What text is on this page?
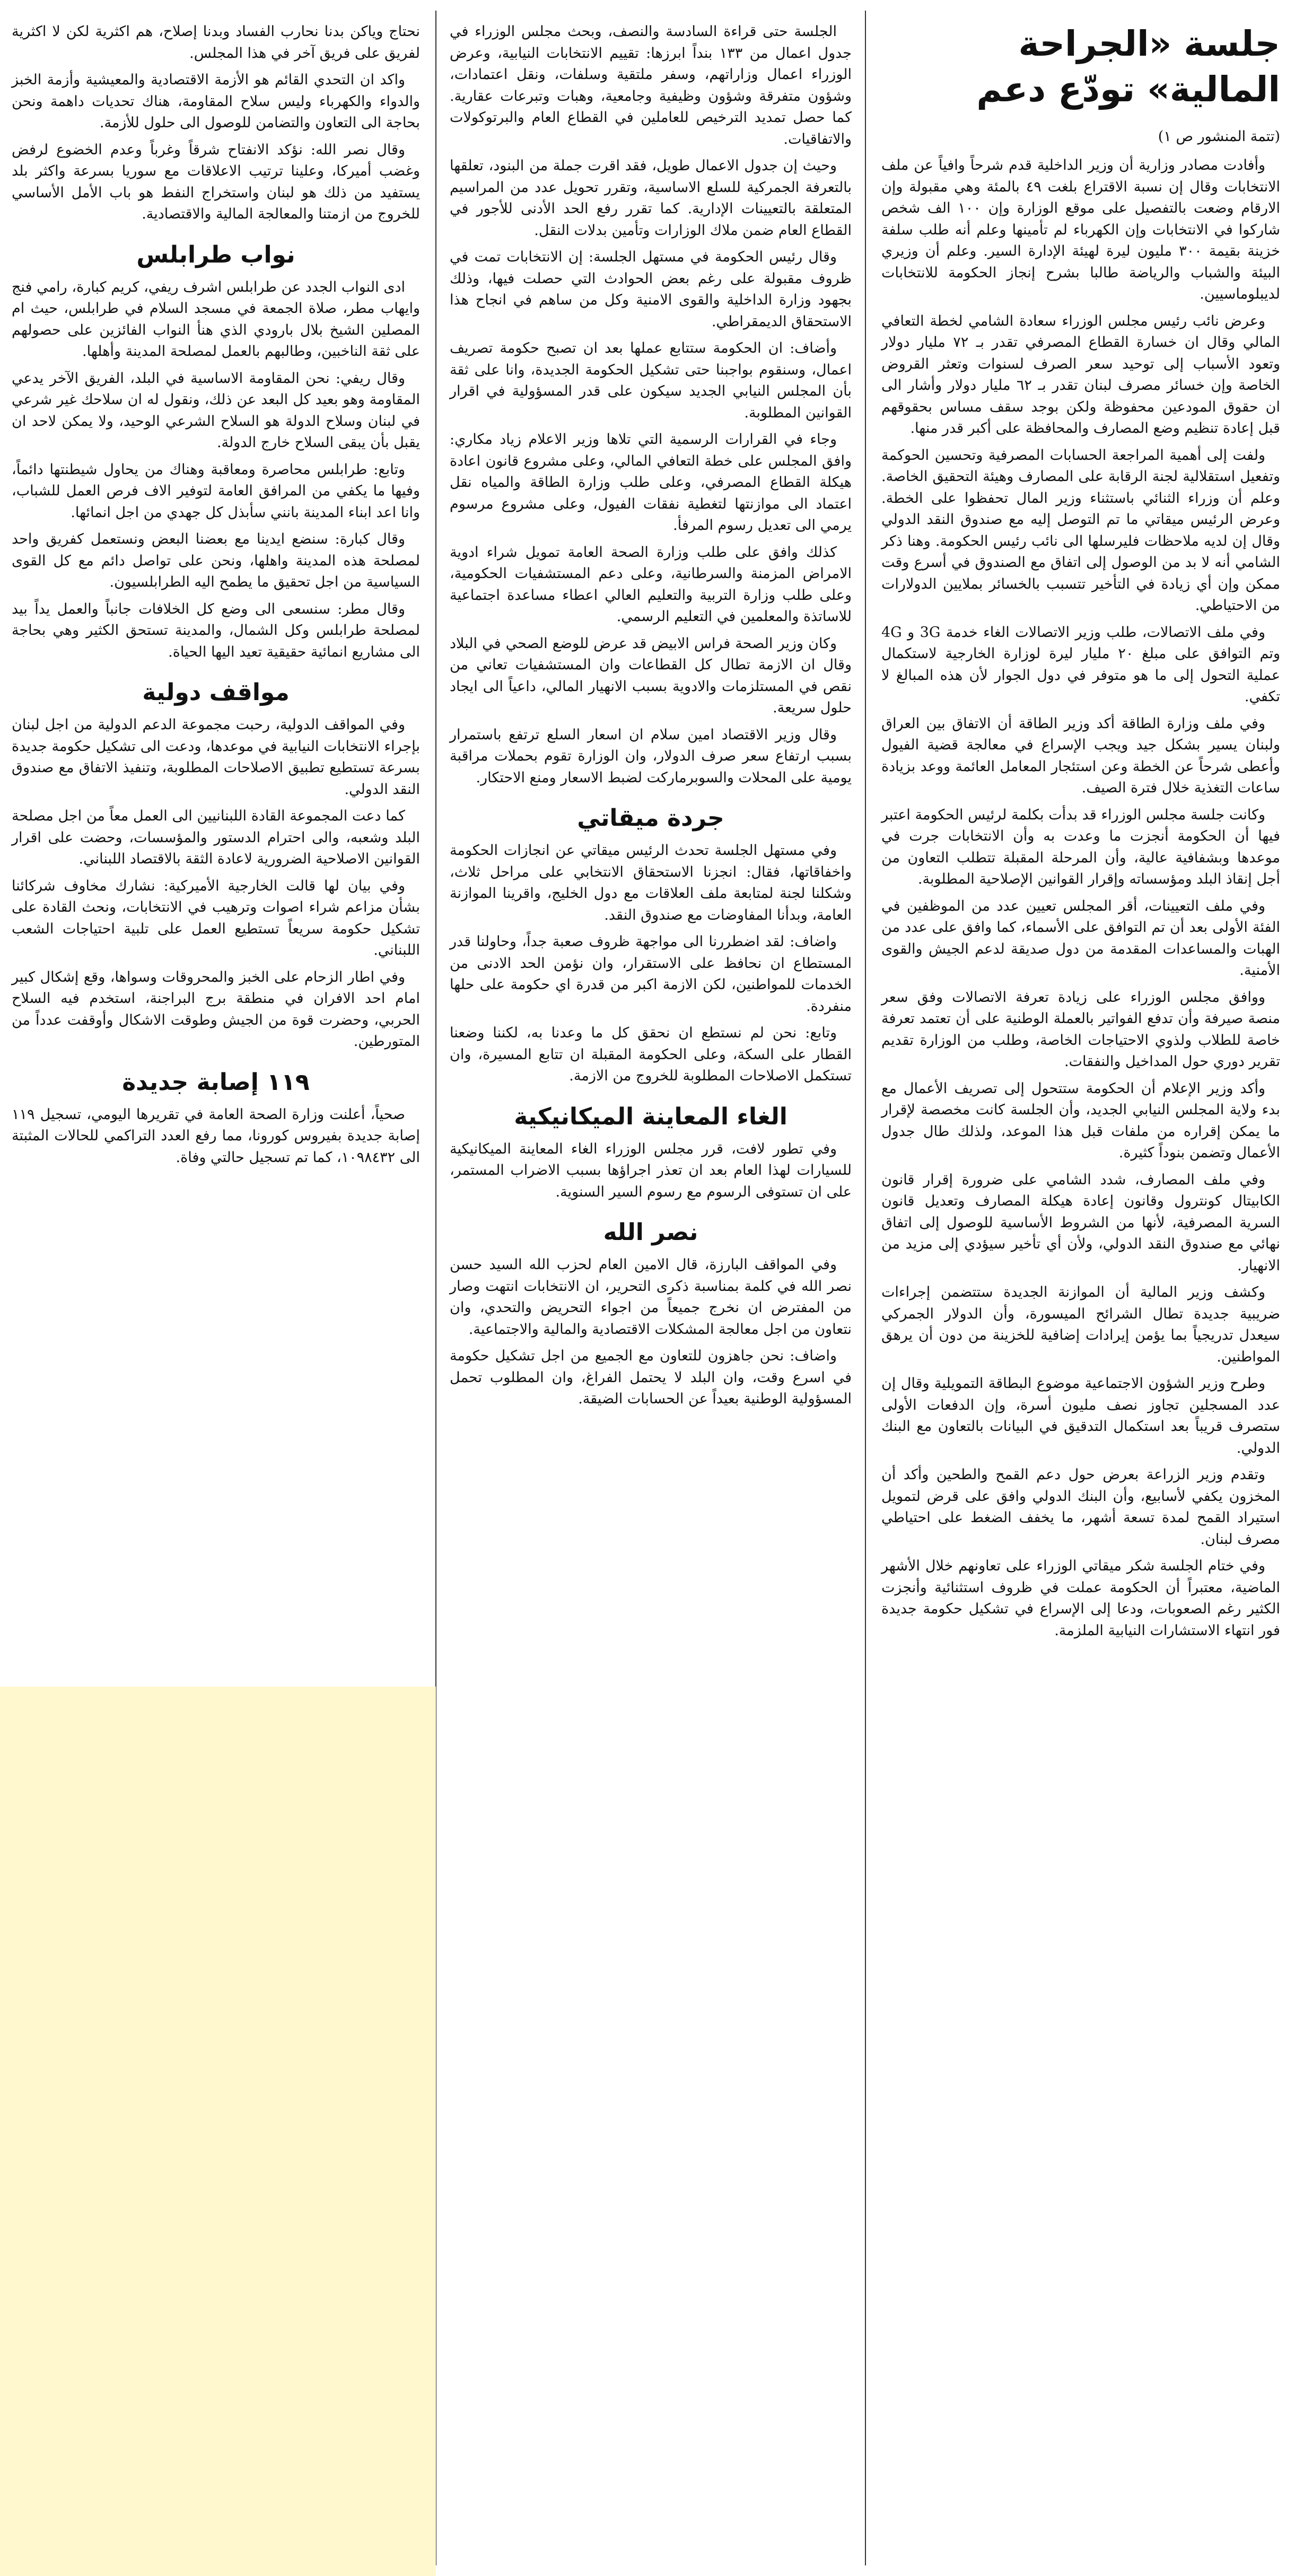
جلسة «الجراحة المالية» تودّع دعم

(تتمة المنشور ص ١)

وأفادت مصادر وزارية أن وزير الداخلية قدم شرحاً وافياً عن ملف الانتخابات وقال إن نسبة الاقتراع بلغت ٤٩ بالمئة وهي مقبولة وإن الارقام وضعت بالتفصيل على موقع الوزارة وإن ١٠٠ الف شخص شاركوا في الانتخابات وإن الكهرباء لم تأمينها وعلم أنه طلب سلفة خزينة بقيمة ٣٠٠ مليون ليرة لهيئة الإدارة السير. وعلم أن وزيري البيئة والشباب والرياضة طالبا بشرح إنجاز الحكومة للانتخابات لديبلوماسيين.

وعرض نائب رئيس مجلس الوزراء سعادة الشامي لخطة التعافي المالي وقال ان خسارة القطاع المصرفي تقدر بـ ٧٢ مليار دولار وتعود الأسباب إلى توحيد سعر الصرف لسنوات وتعثر القروض الخاصة وإن خسائر مصرف لبنان تقدر بـ ٦٢ مليار دولار وأشار الى ان حقوق المودعين محفوظة ولكن بوجد سقف مساس بحقوقهم قبل إعادة تنظيم وضع المصارف والمحافظة على أكبر قدر منها.

ولفت إلى أهمية المراجعة الحسابات المصرفية وتحسين الحوكمة وتفعيل استقلالية لجنة الرقابة على المصارف وهيئة التحقيق الخاصة. وعلم أن وزراء الثنائي باستثناء وزير المال تحفظوا على الخطة. وعرض الرئيس ميقاتي ما تم التوصل إليه مع صندوق النقد الدولي وقال إن لديه ملاحظات فليرسلها الى نائب رئيس الحكومة. وهنا ذكر الشامي أنه لا بد من الوصول إلى اتفاق مع الصندوق في أسرع وقت ممكن وإن أي زيادة في التأخير تتسبب بالخسائر بملايين الدولارات من الاحتياطي.

وفي ملف الاتصالات، طلب وزير الاتصالات الغاء خدمة 3G و 4G وتم التوافق على مبلغ ٢٠ مليار ليرة لوزارة الخارجية لاستكمال عملية التحول إلى ما هو متوفر في دول الجوار لأن هذه المبالغ لا تكفي.

وفي ملف وزارة الطاقة أكد وزير الطاقة أن الاتفاق بين العراق ولبنان يسير بشكل جيد ويجب الإسراع في معالجة قضية الفيول وأعطى شرحاً عن الخطة وعن استئجار المعامل العائمة ووعد بزيادة ساعات التغذية خلال فترة الصيف.

وكانت جلسة مجلس الوزراء قد بدأت بكلمة لرئيس الحكومة اعتبر فيها أن الحكومة أنجزت ما وعدت به وأن الانتخابات جرت في موعدها وبشفافية عالية، وأن المرحلة المقبلة تتطلب التعاون من أجل إنقاذ البلد ومؤسساته وإقرار القوانين الإصلاحية المطلوبة.

وفي ملف التعيينات، أقر المجلس تعيين عدد من الموظفين في الفئة الأولى بعد أن تم التوافق على الأسماء، كما وافق على عدد من الهبات والمساعدات المقدمة من دول صديقة لدعم الجيش والقوى الأمنية.

ووافق مجلس الوزراء على زيادة تعرفة الاتصالات وفق سعر منصة صيرفة وأن تدفع الفواتير بالعملة الوطنية على أن تعتمد تعرفة خاصة للطلاب ولذوي الاحتياجات الخاصة، وطلب من الوزارة تقديم تقرير دوري حول المداخيل والنفقات.

وأكد وزير الإعلام أن الحكومة ستتحول إلى تصريف الأعمال مع بدء ولاية المجلس النيابي الجديد، وأن الجلسة كانت مخصصة لإقرار ما يمكن إقراره من ملفات قبل هذا الموعد، ولذلك طال جدول الأعمال وتضمن بنوداً كثيرة.

وفي ملف المصارف، شدد الشامي على ضرورة إقرار قانون الكابيتال كونترول وقانون إعادة هيكلة المصارف وتعديل قانون السرية المصرفية، لأنها من الشروط الأساسية للوصول إلى اتفاق نهائي مع صندوق النقد الدولي، ولأن أي تأخير سيؤدي إلى مزيد من الانهيار.

وكشف وزير المالية أن الموازنة الجديدة ستتضمن إجراءات ضريبية جديدة تطال الشرائح الميسورة، وأن الدولار الجمركي سيعدل تدريجياً بما يؤمن إيرادات إضافية للخزينة من دون أن يرهق المواطنين.

وطرح وزير الشؤون الاجتماعية موضوع البطاقة التمويلية وقال إن عدد المسجلين تجاوز نصف مليون أسرة، وإن الدفعات الأولى ستصرف قريباً بعد استكمال التدقيق في البيانات بالتعاون مع البنك الدولي.

وتقدم وزير الزراعة بعرض حول دعم القمح والطحين وأكد أن المخزون يكفي لأسابيع، وأن البنك الدولي وافق على قرض لتمويل استيراد القمح لمدة تسعة أشهر، ما يخفف الضغط على احتياطي مصرف لبنان.

وفي ختام الجلسة شكر ميقاتي الوزراء على تعاونهم خلال الأشهر الماضية، معتبراً أن الحكومة عملت في ظروف استثنائية وأنجزت الكثير رغم الصعوبات، ودعا إلى الإسراع في تشكيل حكومة جديدة فور انتهاء الاستشارات النيابية الملزمة.

الجلسة حتى قراءة السادسة والنصف، وبحث مجلس الوزراء في جدول اعمال من ١٣٣ بنداً ابرزها: تقييم الانتخابات النيابية، وعرض الوزراء اعمال وزاراتهم، وسفر ملتقية وسلفات، ونقل اعتمادات، وشؤون متفرقة وشؤون وظيفية وجامعية، وهبات وتبرعات عقارية. كما حصل تمديد الترخيص للعاملين في القطاع العام والبرتوكولات والاتفاقيات.

وحيث إن جدول الاعمال طويل، فقد اقرت جملة من البنود، تعلقها بالتعرفة الجمركية للسلع الاساسية، وتقرر تحويل عدد من المراسيم المتعلقة بالتعيينات الإدارية. كما تقرر رفع الحد الأدنى للأجور في القطاع العام ضمن ملاك الوزارات وتأمين بدلات النقل.

وقال رئيس الحكومة في مستهل الجلسة: إن الانتخابات تمت في ظروف مقبولة على رغم بعض الحوادث التي حصلت فيها، وذلك بجهود وزارة الداخلية والقوى الامنية وكل من ساهم في انجاح هذا الاستحقاق الديمقراطي.

وأضاف: ان الحكومة ستتابع عملها بعد ان تصبح حكومة تصريف اعمال، وسنقوم بواجبنا حتى تشكيل الحكومة الجديدة، وانا على ثقة بأن المجلس النيابي الجديد سيكون على قدر المسؤولية في اقرار القوانين المطلوبة.

وجاء في القرارات الرسمية التي تلاها وزير الاعلام زياد مكاري: وافق المجلس على خطة التعافي المالي، وعلى مشروع قانون اعادة هيكلة القطاع المصرفي، وعلى طلب وزارة الطاقة والمياه نقل اعتماد الى موازنتها لتغطية نفقات الفيول، وعلى مشروع مرسوم يرمي الى تعديل رسوم المرفأ.

كذلك وافق على طلب وزارة الصحة العامة تمويل شراء ادوية الامراض المزمنة والسرطانية، وعلى دعم المستشفيات الحكومية، وعلى طلب وزارة التربية والتعليم العالي اعطاء مساعدة اجتماعية للاساتذة والمعلمين في التعليم الرسمي.

وكان وزير الصحة فراس الابيض قد عرض للوضع الصحي في البلاد وقال ان الازمة تطال كل القطاعات وان المستشفيات تعاني من نقص في المستلزمات والادوية بسبب الانهيار المالي، داعياً الى ايجاد حلول سريعة.

وقال وزير الاقتصاد امين سلام ان اسعار السلع ترتفع باستمرار بسبب ارتفاع سعر صرف الدولار، وان الوزارة تقوم بحملات مراقبة يومية على المحلات والسوبرماركت لضبط الاسعار ومنع الاحتكار.

جردة ميقاتي

وفي مستهل الجلسة تحدث الرئيس ميقاتي عن انجازات الحكومة واخفاقاتها، فقال: انجزنا الاستحقاق الانتخابي على مراحل ثلاث، وشكلنا لجنة لمتابعة ملف العلاقات مع دول الخليج، واقرينا الموازنة العامة، وبدأنا المفاوضات مع صندوق النقد.

واضاف: لقد اضطررنا الى مواجهة ظروف صعبة جداً، وحاولنا قدر المستطاع ان نحافظ على الاستقرار، وان نؤمن الحد الادنى من الخدمات للمواطنين، لكن الازمة اكبر من قدرة اي حكومة على حلها منفردة.

وتابع: نحن لم نستطع ان نحقق كل ما وعدنا به، لكننا وضعنا القطار على السكة، وعلى الحكومة المقبلة ان تتابع المسيرة، وان تستكمل الاصلاحات المطلوبة للخروج من الازمة.

الغاء المعاينة الميكانيكية

وفي تطور لافت، قرر مجلس الوزراء الغاء المعاينة الميكانيكية للسيارات لهذا العام بعد ان تعذر اجراؤها بسبب الاضراب المستمر، على ان تستوفى الرسوم مع رسوم السير السنوية.

نصر الله

وفي المواقف البارزة، قال الامين العام لحزب الله السيد حسن نصر الله في كلمة بمناسبة ذكرى التحرير، ان الانتخابات انتهت وصار من المفترض ان نخرج جميعاً من اجواء التحريض والتحدي، وان نتعاون من اجل معالجة المشكلات الاقتصادية والمالية والاجتماعية.

واضاف: نحن جاهزون للتعاون مع الجميع من اجل تشكيل حكومة في اسرع وقت، وان البلد لا يحتمل الفراغ، وان المطلوب تحمل المسؤولية الوطنية بعيداً عن الحسابات الضيقة.

نحتاج وياكن بدنا نحارب الفساد وبدنا إصلاح، هم اكثرية لكن لا اكثرية لفريق على فريق آخر في هذا المجلس.

واكد ان التحدي القائم هو الأزمة الاقتصادية والمعيشية وأزمة الخبز والدواء والكهرباء وليس سلاح المقاومة، هناك تحديات داهمة ونحن بحاجة الى التعاون والتضامن للوصول الى حلول للأزمة.

وقال نصر الله: نؤكد الانفتاح شرقاً وغرباً وعدم الخضوع لرفض وغضب أميركا، وعلينا ترتيب الاعلاقات مع سوريا بسرعة واكثر بلد يستفيد من ذلك هو لبنان واستخراج النفط هو باب الأمل الأساسي للخروج من ازمتنا والمعالجة المالية والاقتصادية.

نواب طرابلس

ادى النواب الجدد عن طرابلس اشرف ريفي، كريم كبارة، رامي فنج وايهاب مطر، صلاة الجمعة في مسجد السلام في طرابلس، حيث ام المصلين الشيخ بلال بارودي الذي هنأ النواب الفائزين على حصولهم على ثقة الناخبين، وطالبهم بالعمل لمصلحة المدينة وأهلها.

وقال ريفي: نحن المقاومة الاساسية في البلد، الفريق الآخر يدعي المقاومة وهو بعيد كل البعد عن ذلك، ونقول له ان سلاحك غير شرعي في لبنان وسلاح الدولة هو السلاح الشرعي الوحيد، ولا يمكن لاحد ان يقبل بأن يبقى السلاح خارج الدولة.

وتابع: طرابلس محاصرة ومعاقبة وهناك من يحاول شيطنتها دائماً، وفيها ما يكفي من المرافق العامة لتوفير الاف فرص العمل للشباب، وانا اعد ابناء المدينة بانني سأبذل كل جهدي من اجل انمائها.

وقال كبارة: سنضع ايدينا مع بعضنا البعض ونستعمل كفريق واحد لمصلحة هذه المدينة واهلها، ونحن على تواصل دائم مع كل القوى السياسية من اجل تحقيق ما يطمح اليه الطرابلسيون.

وقال مطر: سنسعى الى وضع كل الخلافات جانباً والعمل يداً بيد لمصلحة طرابلس وكل الشمال، والمدينة تستحق الكثير وهي بحاجة الى مشاريع انمائية حقيقية تعيد اليها الحياة.

مواقف دولية

وفي المواقف الدولية، رحبت مجموعة الدعم الدولية من اجل لبنان بإجراء الانتخابات النيابية في موعدها، ودعت الى تشكيل حكومة جديدة بسرعة تستطيع تطبيق الاصلاحات المطلوبة، وتنفيذ الاتفاق مع صندوق النقد الدولي.

كما دعت المجموعة القادة اللبنانيين الى العمل معاً من اجل مصلحة البلد وشعبه، والى احترام الدستور والمؤسسات، وحضت على اقرار القوانين الاصلاحية الضرورية لاعادة الثقة بالاقتصاد اللبناني.

وفي بيان لها قالت الخارجية الأميركية: نشارك مخاوف شركائنا بشأن مزاعم شراء اصوات وترهيب في الانتخابات، ونحث القادة على تشكيل حكومة سريعاً تستطيع العمل على تلبية احتياجات الشعب اللبناني.

وفي اطار الزحام على الخبز والمحروقات وسواها، وقع إشكال كبير امام احد الافران في منطقة برج البراجنة، استخدم فيه السلاح الحربي، وحضرت قوة من الجيش وطوقت الاشكال وأوقفت عدداً من المتورطين.

١١٩ إصابة جديدة

صحياً، أعلنت وزارة الصحة العامة في تقريرها اليومي، تسجيل ١١٩ إصابة جديدة بفيروس كورونا، مما رفع العدد التراكمي للحالات المثبتة الى ١٠٩٨٤٣٢، كما تم تسجيل حالتي وفاة.
